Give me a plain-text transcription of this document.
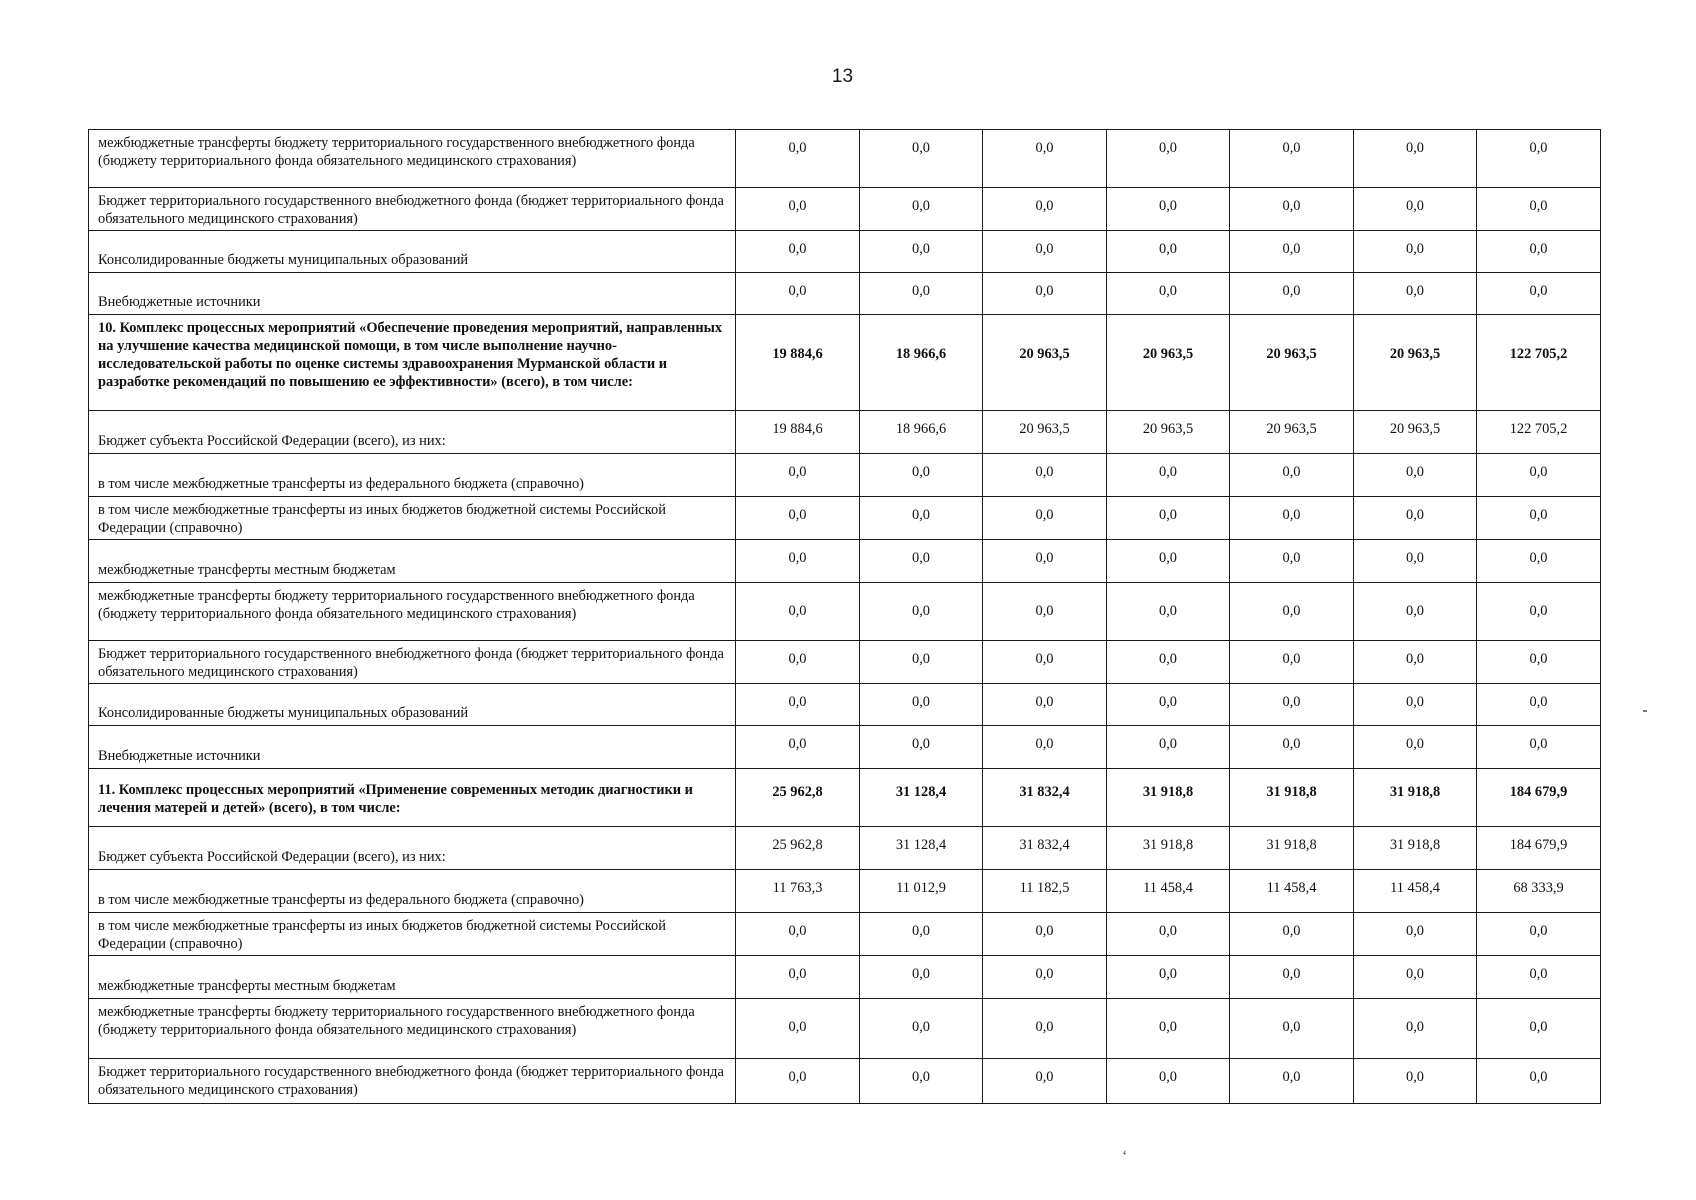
13
межбюджетные трансферты бюджету территориального государственного внебюджетного фонда (бюджету территориального фонда обязательного медицинского страхования)	0,0	0,0	0,0	0,0	0,0	0,0	0,0
Бюджет территориального государственного внебюджетного фонда (бюджет территориального фонда обязательного медицинского страхования)	0,0	0,0	0,0	0,0	0,0	0,0	0,0
Консолидированные бюджеты муниципальных образований	0,0	0,0	0,0	0,0	0,0	0,0	0,0
Внебюджетные источники	0,0	0,0	0,0	0,0	0,0	0,0	0,0
10. Комплекс процессных мероприятий «Обеспечение проведения мероприятий, направленных на улучшение качества медицинской помощи, в том числе выполнение научно-исследовательской работы по оценке системы здравоохранения Мурманской области и разработке рекомендаций по повышению ее эффективности» (всего), в том числе:	19 884,6	18 966,6	20 963,5	20 963,5	20 963,5	20 963,5	122 705,2
Бюджет субъекта Российской Федерации (всего), из них:	19 884,6	18 966,6	20 963,5	20 963,5	20 963,5	20 963,5	122 705,2
в том числе межбюджетные трансферты из федерального бюджета (справочно)	0,0	0,0	0,0	0,0	0,0	0,0	0,0
в том числе межбюджетные трансферты из иных бюджетов бюджетной системы Российской Федерации (справочно)	0,0	0,0	0,0	0,0	0,0	0,0	0,0
межбюджетные трансферты местным бюджетам	0,0	0,0	0,0	0,0	0,0	0,0	0,0
межбюджетные трансферты бюджету территориального государственного внебюджетного фонда (бюджету территориального фонда обязательного медицинского страхования)	0,0	0,0	0,0	0,0	0,0	0,0	0,0
Бюджет территориального государственного внебюджетного фонда (бюджет территориального фонда обязательного медицинского страхования)	0,0	0,0	0,0	0,0	0,0	0,0	0,0
Консолидированные бюджеты муниципальных образований	0,0	0,0	0,0	0,0	0,0	0,0	0,0
Внебюджетные источники	0,0	0,0	0,0	0,0	0,0	0,0	0,0
11. Комплекс процессных мероприятий «Применение современных методик диагностики и лечения матерей и детей» (всего), в том числе:	25 962,8	31 128,4	31 832,4	31 918,8	31 918,8	31 918,8	184 679,9
Бюджет субъекта Российской Федерации (всего), из них:	25 962,8	31 128,4	31 832,4	31 918,8	31 918,8	31 918,8	184 679,9
в том числе межбюджетные трансферты из федерального бюджета (справочно)	11 763,3	11 012,9	11 182,5	11 458,4	11 458,4	11 458,4	68 333,9
в том числе межбюджетные трансферты из иных бюджетов бюджетной системы Российской Федерации (справочно)	0,0	0,0	0,0	0,0	0,0	0,0	0,0
межбюджетные трансферты местным бюджетам	0,0	0,0	0,0	0,0	0,0	0,0	0,0
межбюджетные трансферты бюджету территориального государственного внебюджетного фонда (бюджету территориального фонда обязательного медицинского страхования)	0,0	0,0	0,0	0,0	0,0	0,0	0,0
Бюджет территориального государственного внебюджетного фонда (бюджет территориального фонда обязательного медицинского страхования)	0,0	0,0	0,0	0,0	0,0	0,0	0,0
‘
